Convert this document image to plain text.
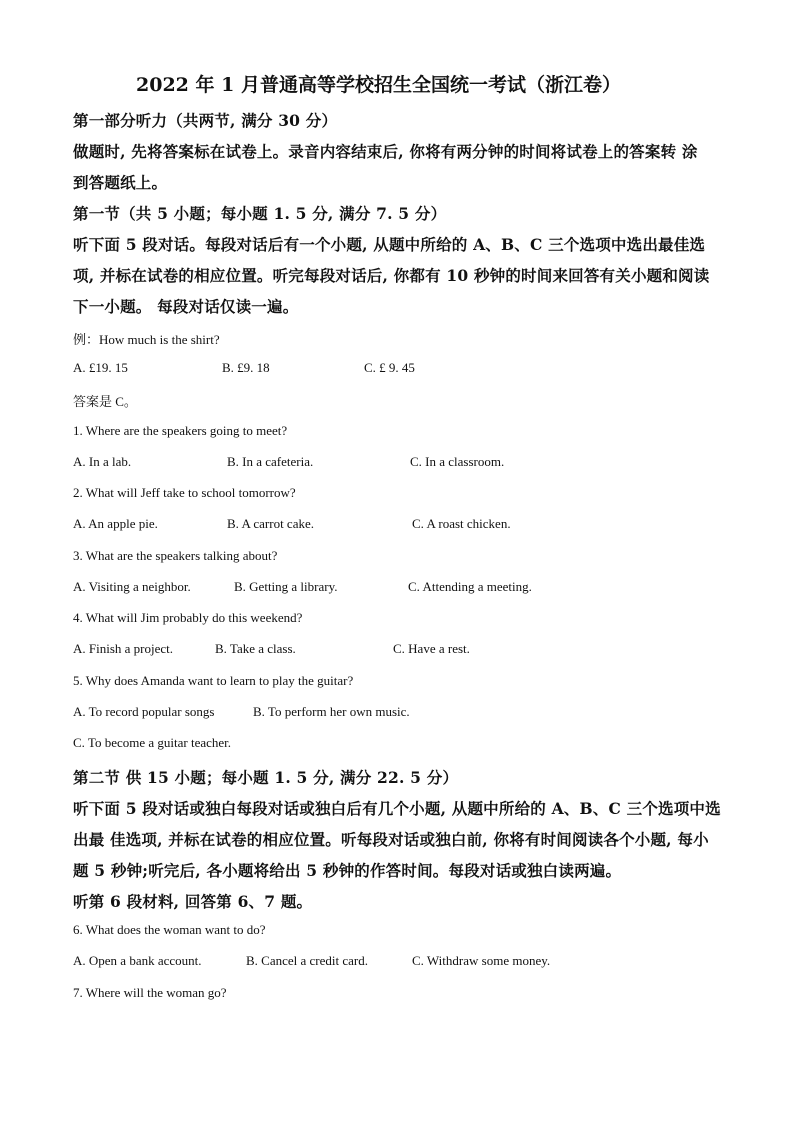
2022 年 1 月普通高等学校招生全国统一考试（浙江卷）
第一部分听力（共两节, 满分 30 分）
做题时, 先将答案标在试卷上。录音内容结束后, 你将有两分钟的时间将试卷上的答案转 涂
到答题纸上。
第一节（共 5 小题；每小题 1. 5 分, 满分 7. 5 分）
听下面 5 段对话。每段对话后有一个小题, 从题中所给的 A、B、C 三个选项中选出最佳选
项, 并标在试卷的相应位置。听完每段对话后, 你都有 10 秒钟的时间来回答有关小题和阅读
下一小题。 每段对话仅读一遍。
例：How much is the shirt?
A. £19. 15	B. £9. 18	C. £ 9. 45
答案是 C。
1. Where are the speakers going to meet?
A. In a lab.	B. In a cafeteria.	C. In a classroom.
2. What will Jeff take to school tomorrow?
A. An apple pie.	B. A carrot cake.	C. A roast chicken.
3. What are the speakers talking about?
A. Visiting a neighbor.	B. Getting a library.	C. Attending a meeting.
4. What will Jim probably do this weekend?
A. Finish a project.	B. Take a class.	C. Have a rest.
5. Why does Amanda want to learn to play the guitar?
A. To record popular songs	B. To perform her own music.
C. To become a guitar teacher.
第二节 供 15 小题；每小题 1. 5 分, 满分 22. 5 分）
听下面 5 段对话或独白每段对话或独白后有几个小题, 从题中所给的 A、B、C 三个选项中选
出最 佳选项, 并标在试卷的相应位置。听每段对话或独白前, 你将有时间阅读各个小题, 每小
题 5 秒钟;听完后, 各小题将给出 5 秒钟的作答时间。每段对话或独白读两遍。
听第 6 段材料, 回答第 6、7 题。
6. What does the woman want to do?
A. Open a bank account.	B. Cancel a credit card.	C. Withdraw some money.
7. Where will the woman go?
